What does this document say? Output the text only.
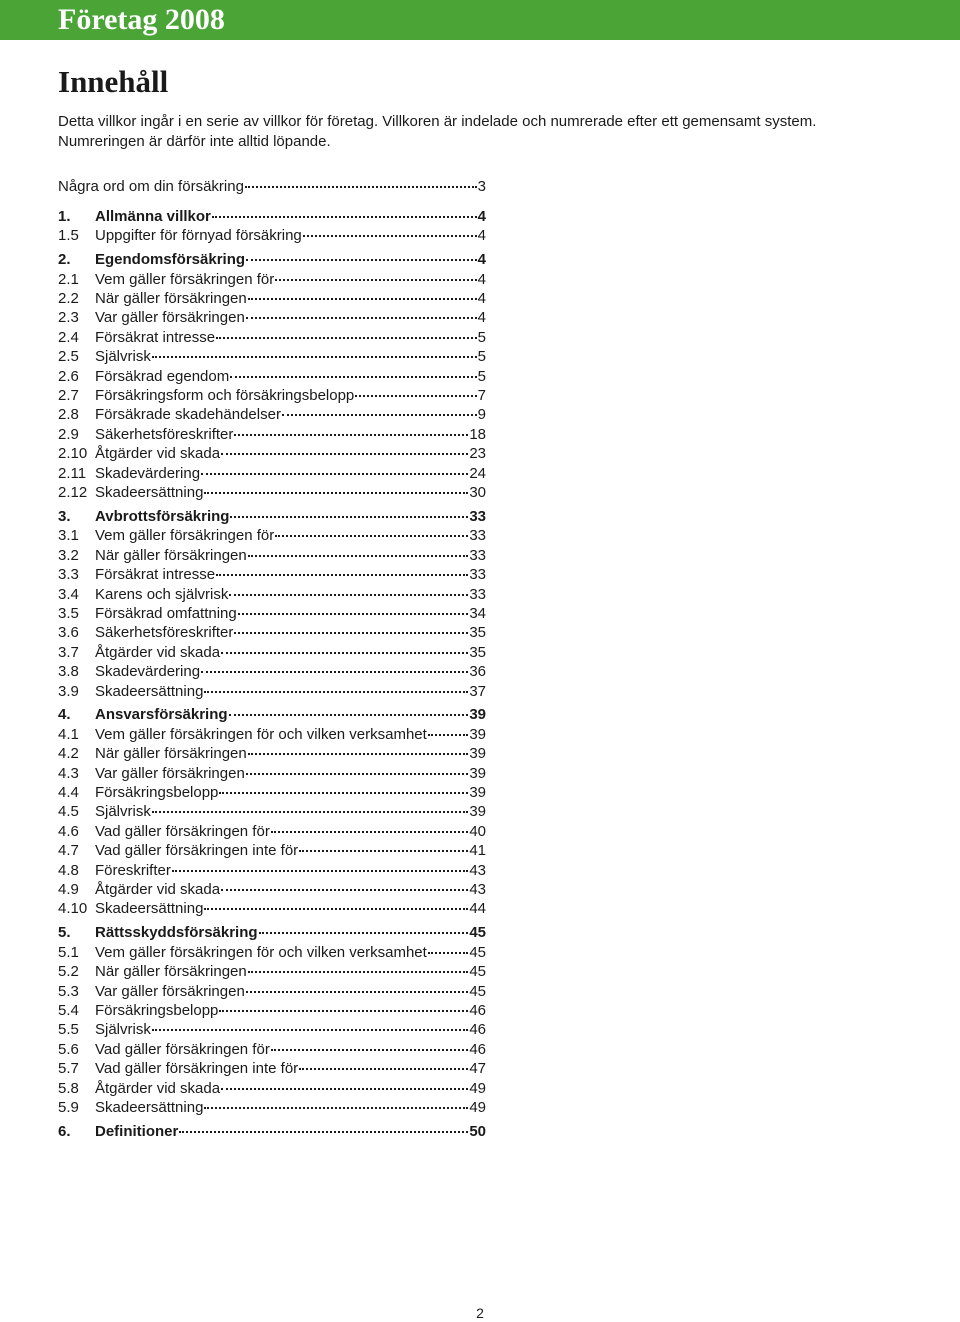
Företag 2008
Innehåll

Detta villkor ingår i en serie av villkor för företag. Villkoren är indelade och numrerade efter ett gemensamt system.

Numreringen är därför inte alltid löpande.

Några ord om din försäkring	3
1.	Allmänna villkor	4
1.5	Uppgifter för förnyad försäkring	4
2.	Egendomsförsäkring	4
2.1	Vem gäller försäkringen för	4
2.2	När gäller försäkringen	4
2.3	Var gäller försäkringen	4
2.4	Försäkrat intresse	5
2.5	Självrisk	5
2.6	Försäkrad egendom	5
2.7	Försäkringsform och försäkringsbelopp	7
2.8	Försäkrade skadehändelser	9
2.9	Säkerhetsföreskrifter	18
2.10 Åtgärder vid skada	23
2.11 Skadevärdering	24
2.12 Skadeersättning	30
3.	Avbrottsförsäkring	33
3.1	Vem gäller försäkringen för	33
3.2	När gäller försäkringen	33
3.3	Försäkrat intresse	33
3.4	Karens och självrisk	33
3.5	Försäkrad omfattning	34
3.6	Säkerhetsföreskrifter	35
3.7	Åtgärder vid skada	35
3.8	Skadevärdering	36
3.9	Skadeersättning	37
4.	Ansvarsförsäkring	39
4.1	Vem gäller försäkringen för och vilken verksamhet	39
4.2	När gäller försäkringen	39
4.3	Var gäller försäkringen	39
4.4	Försäkringsbelopp	39
4.5	Självrisk	39
4.6	Vad gäller försäkringen för	40
4.7	Vad gäller försäkringen inte för	41
4.8	Föreskrifter	43
4.9	Åtgärder vid skada	43
4.10 Skadeersättning	44
5.	Rättsskyddsförsäkring	45
5.1	Vem gäller försäkringen för och vilken verksamhet	45
5.2	När gäller försäkringen	45
5.3	Var gäller försäkringen	45
5.4	Försäkringsbelopp	46
5.5	Självrisk	46
5.6	Vad gäller försäkringen för	46
5.7	Vad gäller försäkringen inte för	47
5.8	Åtgärder vid skada	49
5.9	Skadeersättning	49
6.	Definitioner	50
2
